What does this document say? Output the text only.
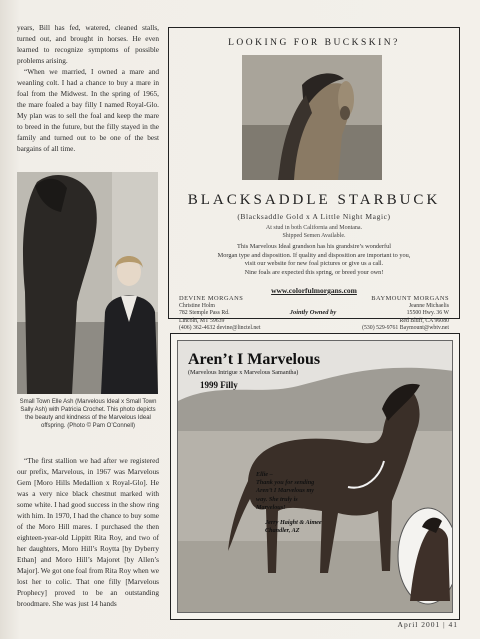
years, Bill has fed, watered, cleaned stalls, turned out, and brought in horses. He even learned to recognize symptoms of possible problems arising.

“When we married, I owned a mare and weanling colt. I had a chance to buy a mare in foal from the Midwest. In the spring of 1965, the mare foaled a bay filly I named Royal-Glo. My plan was to sell the foal and keep the mare to breed in the future, but the filly stayed in the family and turned out to be one of the best bargains of all time.

Small Town Elle Ash (Marvelous Ideal x Small Town Sally Ash) with Patricia Crochet. This photo depicts the beauty and kindness of the Marvelous Ideal offspring. (Photo © Pam O’Connell)

“The first stallion we had after we registered our prefix, Marvelous, in 1967 was Marvelous Gem [Moro Hills Medallion x Royal-Glo]. He was a very nice black chestnut marked with some white. I had good success in the show ring with him. In 1970, I had the chance to buy some of the Moro Hill mares. I purchased the then eighteen-year-old Lippitt Rita Roy, and two of her daughters, Moro Hill’s Roytta [by Dyberry Ethan] and Moro Hill’s Majoret [by Allen’s Major]. We got one foal from Rita Roy when we lost her to colic. That one filly [Marvelous Prophecy] proved to be an outstanding broodmare. She was just 14 hands

LOOKING FOR BUCKSKIN?
BLACKSADDLE STARBUCK
(Blacksaddle Gold x A Little Night Magic)
At stud in both California and Montana.
Shipped Semen Available.
This Marvelous Ideal grandson has his grandsire’s wonderful
Morgan type and disposition. If quality and disposition are important to you,
visit our website for new foal pictures or give us a call.
Nine foals are expected this spring, or breed your own!
www.colorfulmorgans.com
DEVINE MORGANS
Christine Holm
782 Stemple Pass Rd.
Lincoln, MT 59639
(406) 362-4632 devine@linctel.net
Jointly Owned by
BAYMOUNT MORGANS
Jeanne Michaelis
15500 Hwy. 36 W
Red Bluff, CA 96080
(530) 529-9761 Baymount@wbtv.net
Aren’t I Marvelous
(Marvelous Intrigue x Marvelous Samantha)
1999 Filly
Ellie –
Thank you for sending
Aren’t I Marvelous my
way. She truly is
Marvelous!
Jerry Haight & Aimee
Chandler, AZ
April 2001 | 41
